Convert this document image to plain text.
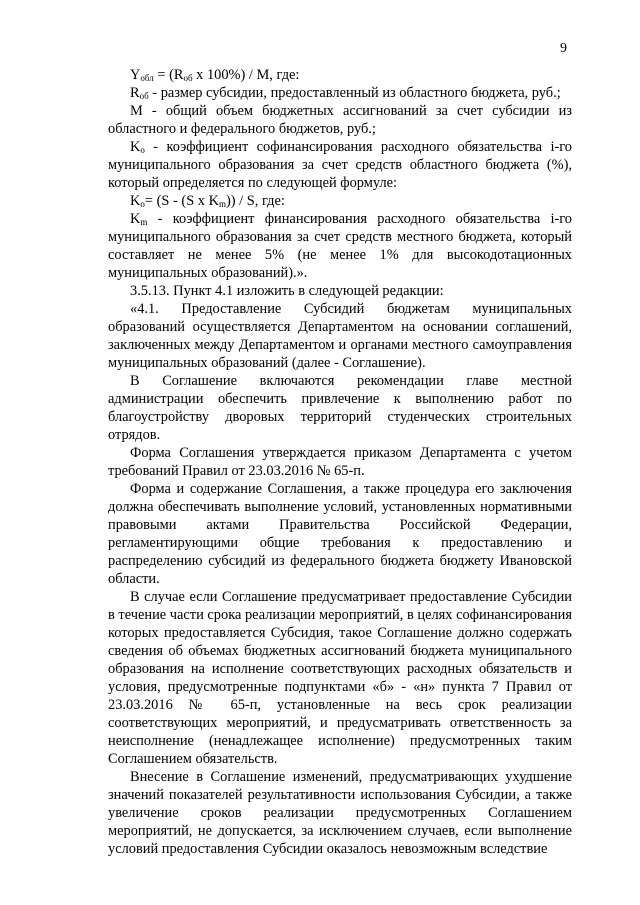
9

$Y_{обл} = (R_{об}$ x 100%) / M, где:

$R_{об}$ - размер субсидии, предоставленный из областного бюджета, руб.;

M - общий объем бюджетных ассигнований за счет субсидии из областного и федерального бюджетов, руб.;

$K_о$ - коэффициент софинансирования расходного обязательства i-го муниципального образования за счет средств областного бюджета (%), который определяется по следующей формуле:

$K_о= (S - (S$ x $K_m$)) / S, где:

$K_m$ - коэффициент финансирования расходного обязательства i-го муниципального образования за счет средств местного бюджета, который составляет не менее 5% (не менее 1% для высокодотационных муниципальных образований).».

3.5.13. Пункт 4.1 изложить в следующей редакции:

«4.1. Предоставление Субсидий бюджетам муниципальных образований осуществляется Департаментом на основании соглашений, заключенных между Департаментом и органами местного самоуправления муниципальных образований (далее - Соглашение).

В Соглашение включаются рекомендации главе местной администрации обеспечить привлечение к выполнению работ по благоустройству дворовых территорий студенческих строительных отрядов.

Форма Соглашения утверждается приказом Департамента с учетом требований Правил от 23.03.2016 № 65-п.

Форма и содержание Соглашения, а также процедура его заключения должна обеспечивать выполнение условий, установленных нормативными правовыми актами Правительства Российской Федерации, регламентирующими общие требования к предоставлению и распределению субсидий из федерального бюджета бюджету Ивановской области.

В случае если Соглашение предусматривает предоставление Субсидии в течение части срока реализации мероприятий, в целях софинансирования которых предоставляется Субсидия, такое Соглашение должно содержать сведения об объемах бюджетных ассигнований бюджета муниципального образования на исполнение соответствующих расходных обязательств и условия, предусмотренные подпунктами «б» - «н» пункта 7 Правил от 23.03.2016 № 65-п, установленные на весь срок реализации соответствующих мероприятий, и предусматривать ответственность за неисполнение (ненадлежащее исполнение) предусмотренных таким Соглашением обязательств.

Внесение в Соглашение изменений, предусматривающих ухудшение значений показателей результативности использования Субсидии, а также увеличение сроков реализации предусмотренных Соглашением мероприятий, не допускается, за исключением случаев, если выполнение условий предоставления Субсидии оказалось невозможным вследствие
